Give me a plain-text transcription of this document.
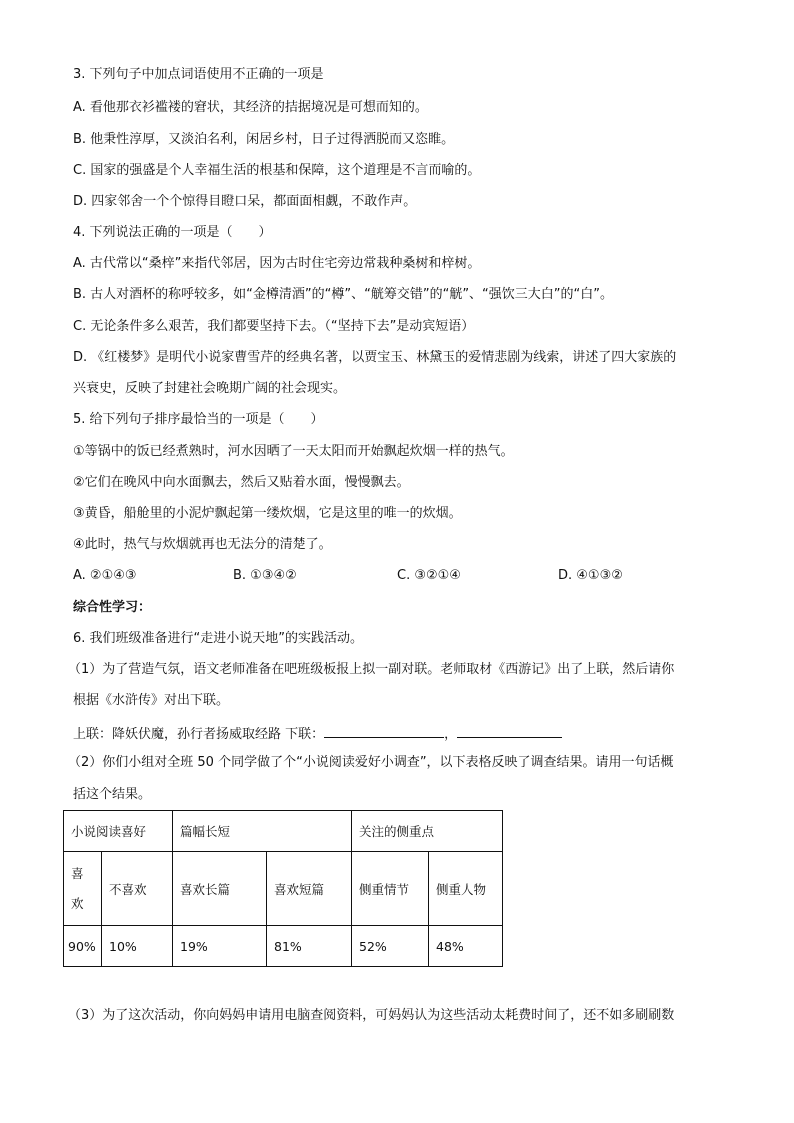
3. 下列句子中加点词语使用不正确的一项是
A. 看他那衣衫褴褛的窘状，其经济的拮据境况是可想而知的。
B. 他秉性淳厚，又淡泊名利，闲居乡村，日子过得洒脱而又恣睢。
C. 国家的强盛是个人幸福生活的根基和保障，这个道理是不言而喻的。
D. 四家邻舍一个个惊得目瞪口呆，都面面相觑，不敢作声。
4. 下列说法正确的一项是（　　）
A. 古代常以“桑梓”来指代邻居，因为古时住宅旁边常栽种桑树和梓树。
B. 古人对酒杯的称呼较多，如“金樽清酒”的“樽”、“觥筹交错”的“觥”、“强饮三大白”的“白”。
C. 无论条件多么艰苦，我们都要坚持下去。（“坚持下去”是动宾短语）
D. 《红楼梦》是明代小说家曹雪芹的经典名著，以贾宝玉、林黛玉的爱情悲剧为线索，讲述了四大家族的
兴衰史，反映了封建社会晚期广阔的社会现实。
5. 给下列句子排序最恰当的一项是（　　）
①等锅中的饭已经煮熟时，河水因晒了一天太阳而开始飘起炊烟一样的热气。
②它们在晚风中向水面飘去，然后又贴着水面，慢慢飘去。
③黄昏，船舱里的小泥炉飘起第一缕炊烟，它是这里的唯一的炊烟。
④此时，热气与炊烟就再也无法分的清楚了。
A. ②①④③	B. ①③④②	C. ③②①④	D. ④①③②
综合性学习：
6. 我们班级准备进行“走进小说天地”的实践活动。
（1）为了营造气氛，语文老师准备在吧班级板报上拟一副对联。老师取材《西游记》出了上联，然后请你
根据《水浒传》对出下联。
上联：降妖伏魔，孙行者扬威取经路 下联：	，
（2）你们小组对全班 50 个同学做了个“小说阅读爱好小调查”，以下表格反映了调查结果。请用一句话概
括这个结果。
小说阅读喜好		篇幅长短		关注的侧重点	

喜欢	不喜欢	喜欢长篇	喜欢短篇	侧重情节	侧重人物
90%	10%	19%	81%	52%	48%
（3）为了这次活动，你向妈妈申请用电脑查阅资料，可妈妈认为这些活动太耗费时间了，还不如多刷刷数
